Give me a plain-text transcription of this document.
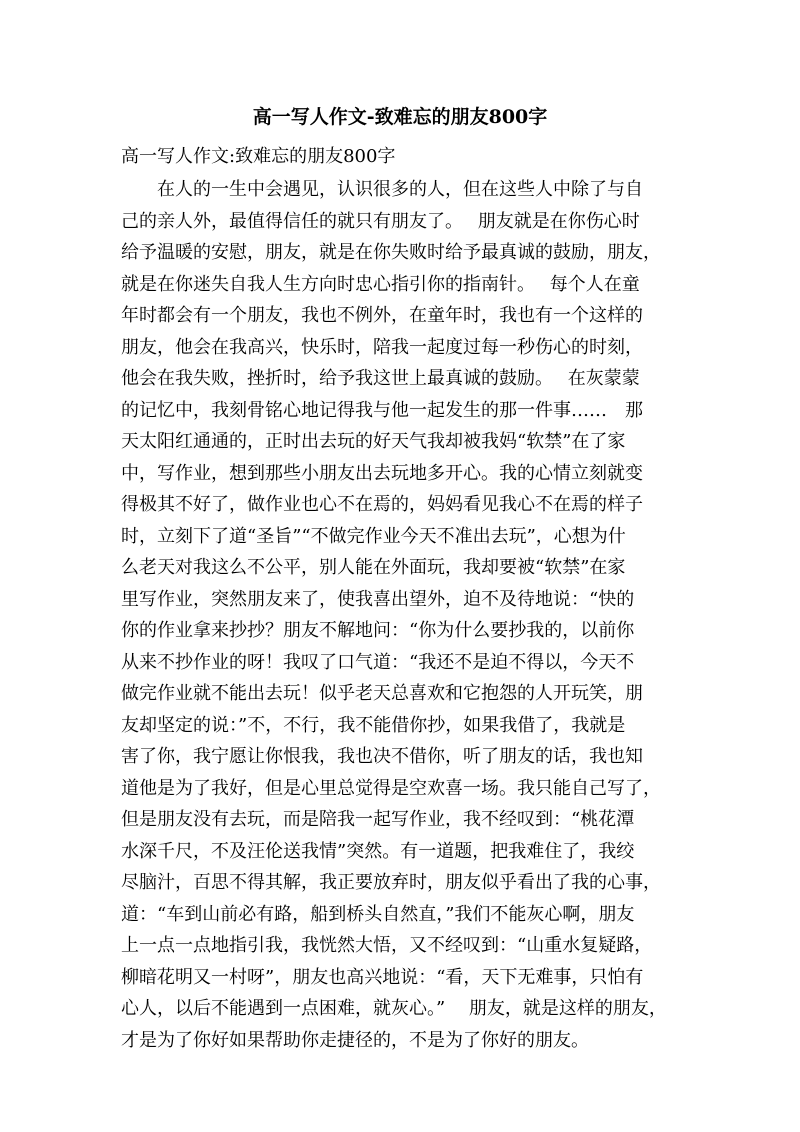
高一写人作文-致难忘的朋友800字
高一写人作文:致难忘的朋友800字
在人的一生中会遇见，认识很多的人，但在这些人中除了与自
己的亲人外，最值得信任的就只有朋友了。　 朋友就是在你伤心时
给予温暖的安慰，朋友，就是在你失败时给予最真诚的鼓励，朋友，
就是在你迷失自我人生方向时忠心指引你的指南针。　 每个人在童
年时都会有一个朋友，我也不例外，在童年时，我也有一个这样的
朋友，他会在我高兴，快乐时，陪我一起度过每一秒伤心的时刻，
他会在我失败，挫折时，给予我这世上最真诚的鼓励。　 在灰蒙蒙
的记忆中，我刻骨铭心地记得我与他一起发生的那一件事……　那
天太阳红通通的，正时出去玩的好天气我却被我妈“软禁”在了家
中，写作业，想到那些小朋友出去玩地多开心。我的心情立刻就变
得极其不好了，做作业也心不在焉的，妈妈看见我心不在焉的样子
时，立刻下了道“圣旨”“不做完作业今天不准出去玩”，心想为什
么老天对我这么不公平，别人能在外面玩，我却要被“软禁”在家
里写作业，突然朋友来了，使我喜出望外，迫不及待地说：“快的
你的作业拿来抄抄？朋友不解地问：“你为什么要抄我的，以前你
从来不抄作业的呀！我叹了口气道：“我还不是迫不得以，今天不
做完作业就不能出去玩！似乎老天总喜欢和它抱怨的人开玩笑，朋
友却坚定的说：”不，不行，我不能借你抄，如果我借了，我就是
害了你，我宁愿让你恨我，我也决不借你，听了朋友的话，我也知
道他是为了我好，但是心里总觉得是空欢喜一场。我只能自己写了，
但是朋友没有去玩，而是陪我一起写作业，我不经叹到：“桃花潭
水深千尺，不及汪伦送我情”突然。有一道题，把我难住了，我绞
尽脑汁，百思不得其解，我正要放弃时，朋友似乎看出了我的心事，
道：“车到山前必有路，船到桥头自然直，”我们不能灰心啊，朋友
上一点一点地指引我，我恍然大悟，又不经叹到：“山重水复疑路，
柳暗花明又一村呀”，朋友也高兴地说：“看，天下无难事，只怕有
心人，以后不能遇到一点困难，就灰心。”　 朋友，就是这样的朋友，
才是为了你好如果帮助你走捷径的，不是为了你好的朋友。
